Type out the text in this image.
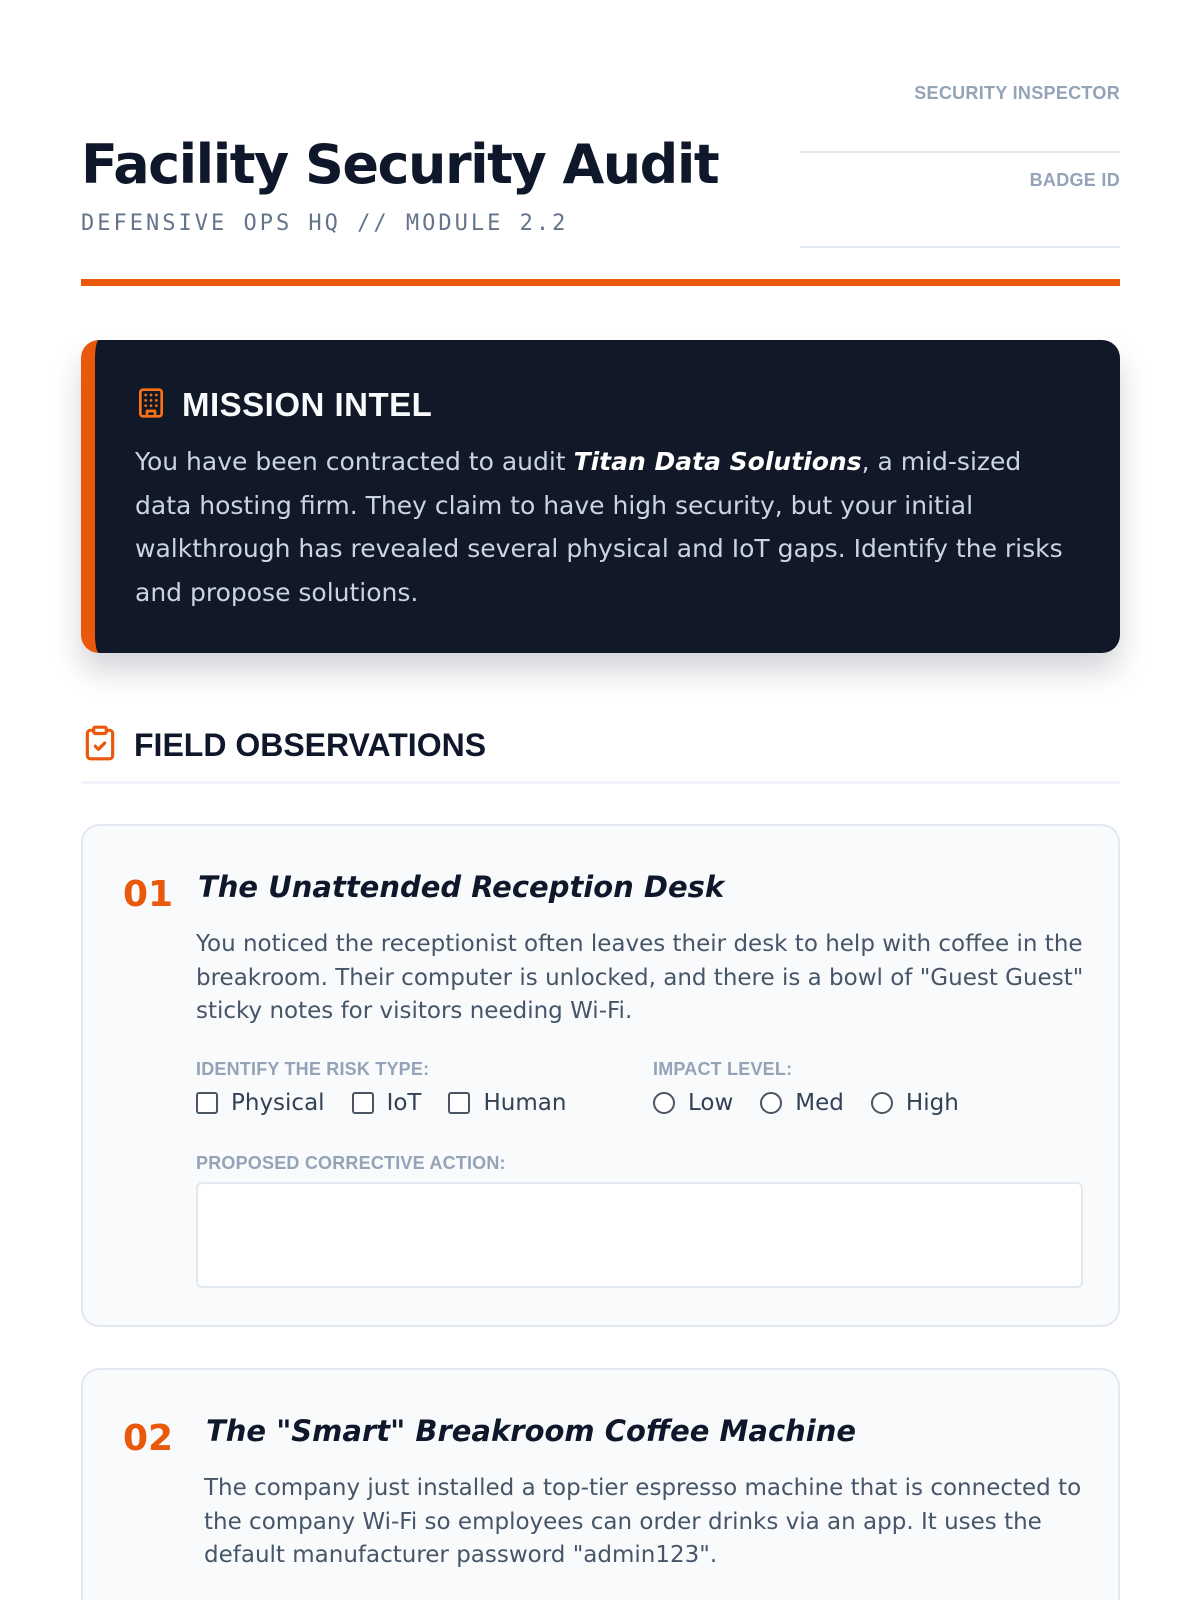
Facility Security Audit
DEFENSIVE OPS HQ // MODULE 2.2
SECURITY INSPECTOR
BADGE ID
MISSION INTEL

You have been contracted to audit Titan Data Solutions, a mid-sized data hosting firm. They claim to have high security, but your initial walkthrough has revealed several physical and IoT gaps. Identify the risks and propose solutions.

FIELD OBSERVATIONS
01 The Unattended Reception Desk

You noticed the receptionist often leaves their desk to help with coffee in the breakroom. Their computer is unlocked, and there is a bowl of "Guest Guest" sticky notes for visitors needing Wi-Fi.

IDENTIFY THE RISK TYPE:
Physical	IoT	Human
IMPACT LEVEL:
Low	Med	High
PROPOSED CORRECTIVE ACTION:
02 The "Smart" Breakroom Coffee Machine

The company just installed a top-tier espresso machine that is connected to the company Wi-Fi so employees can order drinks via an app. It uses the default manufacturer password "admin123".
